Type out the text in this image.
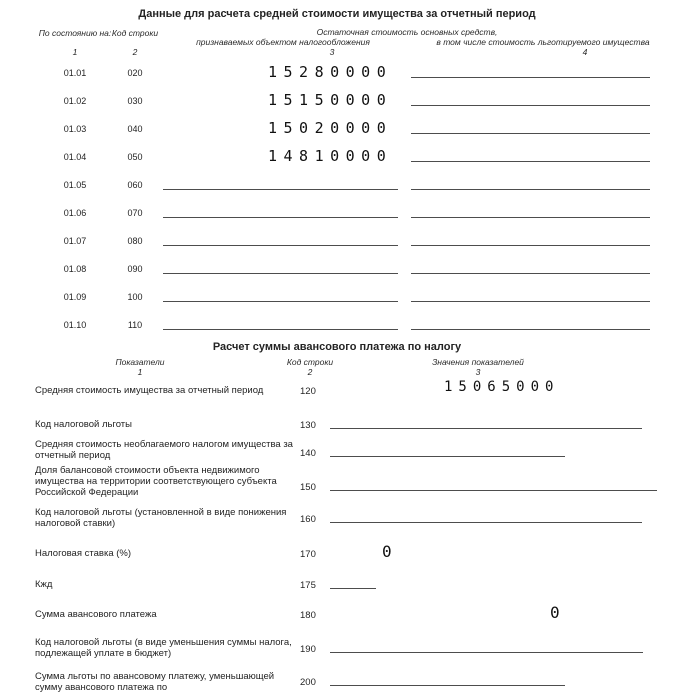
Данные для расчета средней стоимости имущества за отчетный период
По состоянию на: Код строки	Остаточная стоимость основных средств,
признаваемых объектом налогообложения	в том числе стоимость льготируемого имущества
1	2	3	4
01.01	020	15280000
01.02	030	15150000
01.03	040	15020000
01.04	050	14810000
01.05	060
01.06	070
01.07	080
01.08	090
01.09	100
01.10	110
Расчет суммы авансового платежа по налогу
Показатели	Код строки	Значения показателей
1	2	3
Средняя стоимость имущества за отчетный период	120	15065000
Код налоговой льготы	130
Средняя стоимость необлагаемого налогом имущества за отчетный период	140
Доля балансовой стоимости объекта недвижимого имущества на территории соответствующего субъекта Российской Федерации	150
Код налоговой льготы (установленной в виде понижения налоговой ставки)	160
Налоговая ставка (%)	170	0
Кжд	175
Сумма авансового платежа	180	0
Код налоговой льготы (в виде уменьшения суммы налога, подлежащей уплате в бюджет)	190
Сумма льготы по авансовому платежу, уменьшающей сумму авансового платежа по	200
